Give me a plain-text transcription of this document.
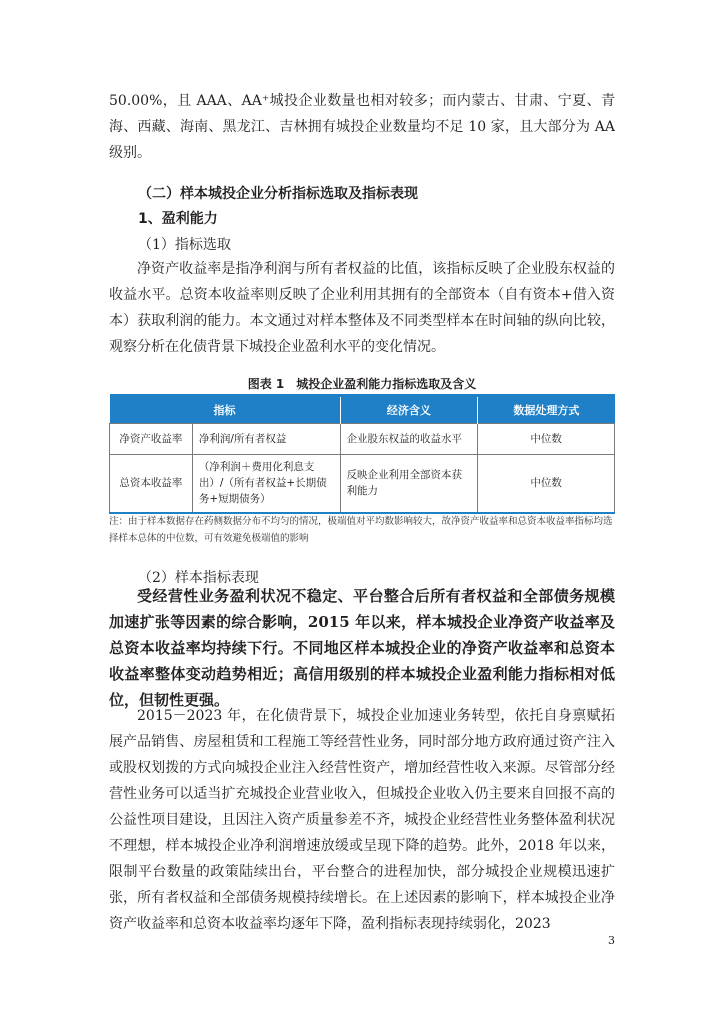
50.00%，且 AAA、AA⁺城投企业数量也相对较多；而内蒙古、甘肃、宁夏、青海、西藏、海南、黑龙江、吉林拥有城投企业数量均不足 10 家，且大部分为 AA 级别。

（二）样本城投企业分析指标选取及指标表现

1、盈利能力

（1）指标选取

净资产收益率是指净利润与所有者权益的比值，该指标反映了企业股东权益的收益水平。总资本收益率则反映了企业利用其拥有的全部资本（自有资本+借入资本）获取利润的能力。本文通过对样本整体及不同类型样本在时间轴的纵向比较，观察分析在化债背景下城投企业盈利水平的变化情况。

图表 1　城投企业盈利能力指标选取及含义
指标		经济含义	数据处理方式
净资产收益率	净利润/所有者权益	企业股东权益的收益水平	中位数
总资本收益率	（净利润＋费用化利息支出）/（所有者权益+长期债务+短期债务）	反映企业利用全部资本获利能力	中位数

注：由于样本数据存在药侧数据分布不均匀的情况，极端值对平均数影响较大，故净资产收益率和总资本收益率指标均选择样本总体的中位数，可有效避免极端值的影响

（2）样本指标表现

受经营性业务盈利状况不稳定、平台整合后所有者权益和全部债务规模加速扩张等因素的综合影响，2015 年以来，样本城投企业净资产收益率及总资本收益率均持续下行。不同地区样本城投企业的净资产收益率和总资本收益率整体变动趋势相近；高信用级别的样本城投企业盈利能力指标相对低位，但韧性更强。

2015－2023 年，在化债背景下，城投企业加速业务转型，依托自身禀赋拓展产品销售、房屋租赁和工程施工等经营性业务，同时部分地方政府通过资产注入或股权划拨的方式向城投企业注入经营性资产，增加经营性收入来源。尽管部分经营性业务可以适当扩充城投企业营业收入，但城投企业收入仍主要来自回报不高的公益性项目建设，且因注入资产质量参差不齐，城投企业经营性业务整体盈利状况不理想，样本城投企业净利润增速放缓或呈现下降的趋势。此外，2018 年以来，限制平台数量的政策陆续出台，平台整合的进程加快，部分城投企业规模迅速扩张，所有者权益和全部债务规模持续增长。在上述因素的影响下，样本城投企业净资产收益率和总资本收益率均逐年下降，盈利指标表现持续弱化，2023

3
